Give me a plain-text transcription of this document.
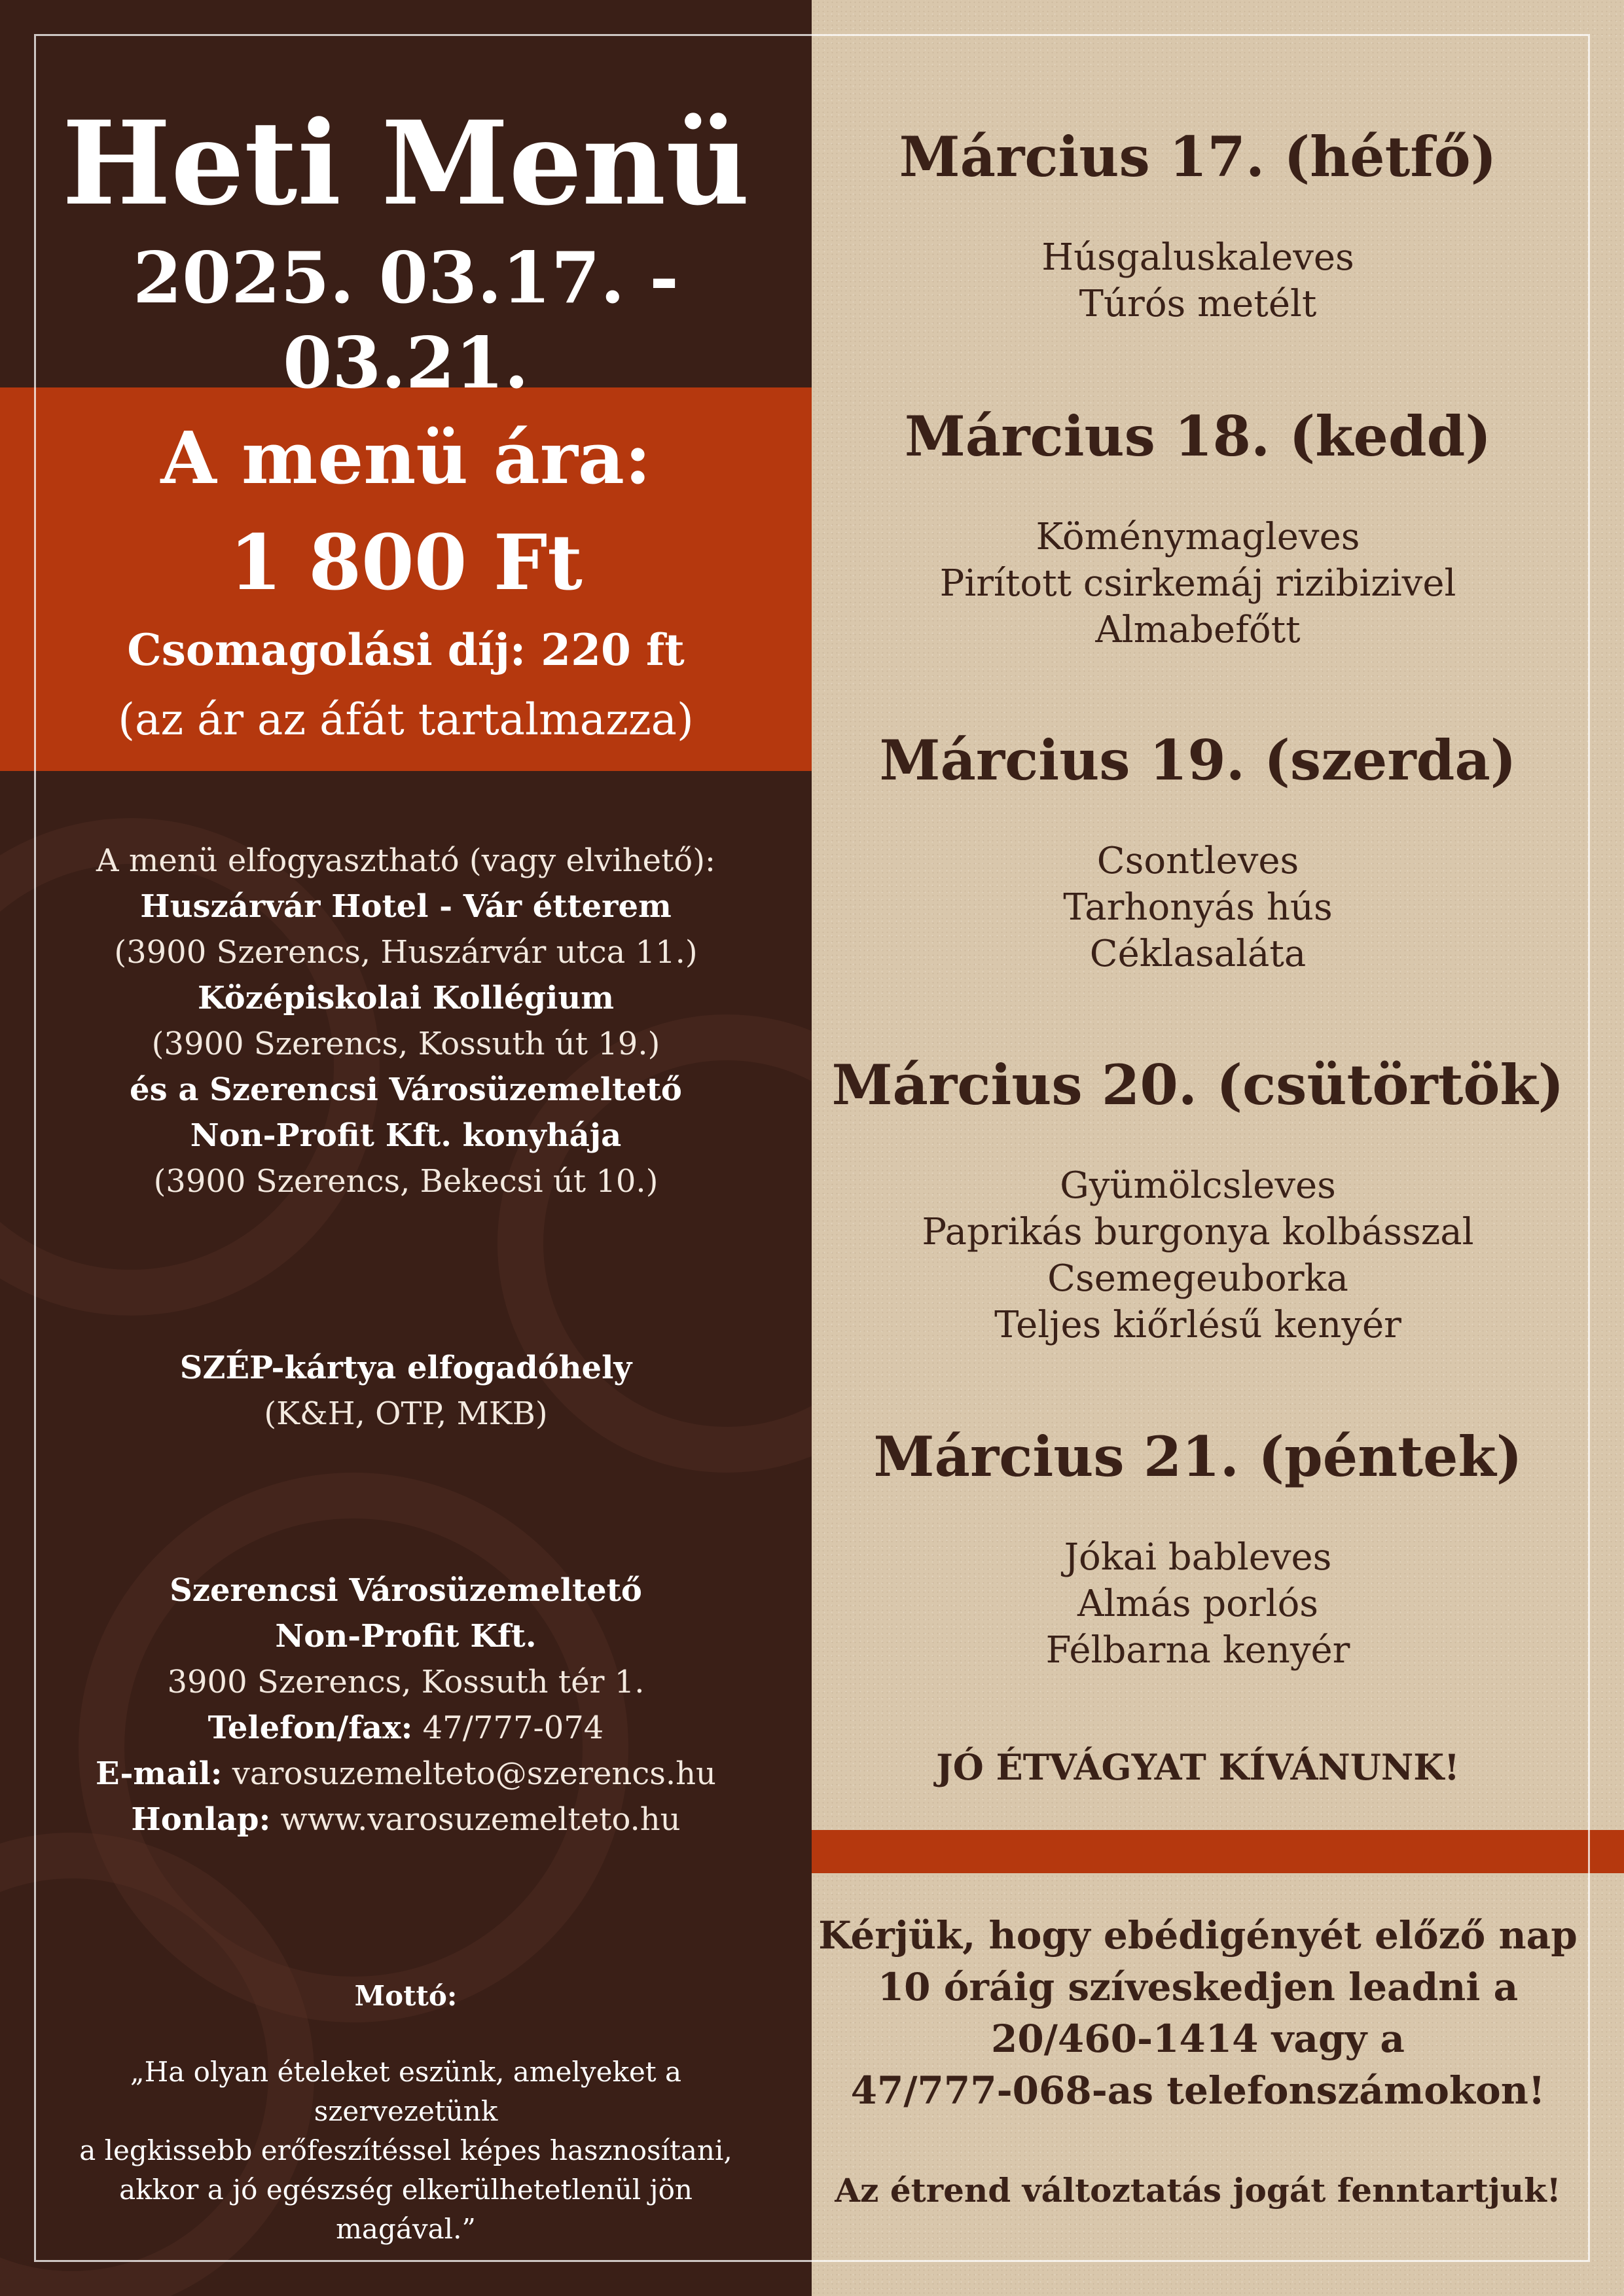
Heti Menü
2025. 03.17. - 03.21.
A menü ára:
1 800 Ft
Csomagolási díj: 220 ft
(az ár az áfát tartalmazza)
A menü elfogyasztható (vagy elvihető):
Huszárvár Hotel - Vár étterem
(3900 Szerencs, Huszárvár utca 11.)
Középiskolai Kollégium
(3900 Szerencs, Kossuth út 19.)
és a Szerencsi Városüzemeltető
Non-Profit Kft. konyhája
(3900 Szerencs, Bekecsi út 10.)
SZÉP-kártya elfogadóhely
(K&H, OTP, MKB)
Szerencsi Városüzemeltető
Non-Profit Kft.
3900 Szerencs, Kossuth tér 1.
Telefon/fax: 47/777-074
E-mail: varosuzemelteto@szerencs.hu
Honlap: www.varosuzemelteto.hu
Mottó:
„Ha olyan ételeket eszünk, amelyeket a szervezetünk
a legkissebb erőfeszítéssel képes hasznosítani,
akkor a jó egészség elkerülhetetlenül jön magával.”
Március 17. (hétfő)
Húsgaluskaleves
Túrós metélt
Március 18. (kedd)
Köménymagleves
Pirított csirkemáj rizibizivel
Almabefőtt
Március 19. (szerda)
Csontleves
Tarhonyás hús
Céklasaláta
Március 20. (csütörtök)
Gyümölcsleves
Paprikás burgonya kolbásszal
Csemegeuborka
Teljes kiőrlésű kenyér
Március 21. (péntek)
Jókai bableves
Almás porlós
Félbarna kenyér
JÓ ÉTVÁGYAT KÍVÁNUNK!
Kérjük, hogy ebédigényét előző nap
10 óráig szíveskedjen leadni a
20/460-1414 vagy a
47/777-068-as telefonszámokon!
Az étrend változtatás jogát fenntartjuk!
